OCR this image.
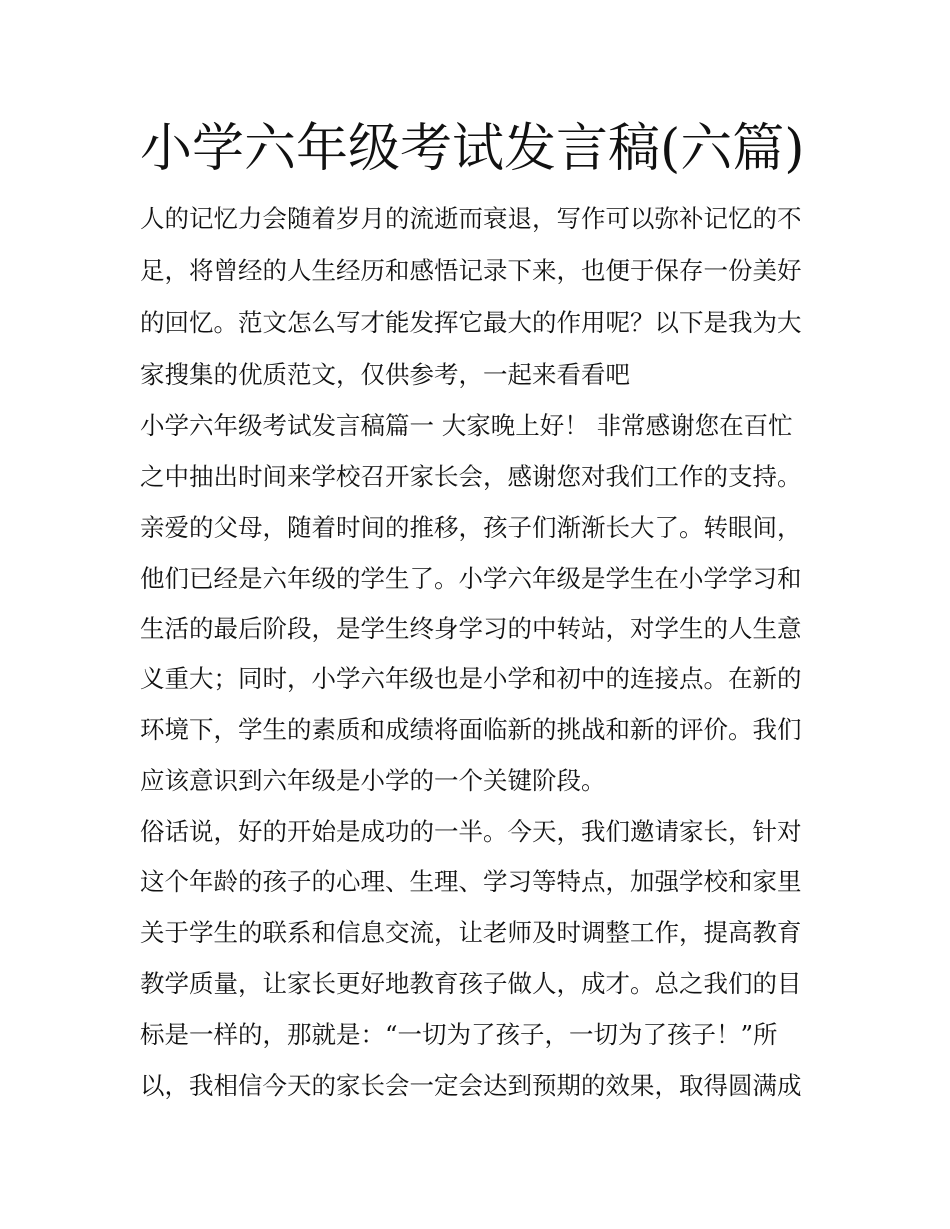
小学六年级考试发言稿(六篇)

人的记忆力会随着岁月的流逝而衰退，写作可以弥补记忆的不

足，将曾经的人生经历和感悟记录下来，也便于保存一份美好

的回忆。范文怎么写才能发挥它最大的作用呢？以下是我为大

家搜集的优质范文，仅供参考，一起来看看吧

小学六年级考试发言稿篇一 大家晚上好！ 非常感谢您在百忙

之中抽出时间来学校召开家长会，感谢您对我们工作的支持。

亲爱的父母，随着时间的推移，孩子们渐渐长大了。转眼间，

他们已经是六年级的学生了。小学六年级是学生在小学学习和

生活的最后阶段，是学生终身学习的中转站，对学生的人生意

义重大；同时，小学六年级也是小学和初中的连接点。在新的

环境下，学生的素质和成绩将面临新的挑战和新的评价。我们

应该意识到六年级是小学的一个关键阶段。

俗话说，好的开始是成功的一半。今天，我们邀请家长，针对

这个年龄的孩子的心理、生理、学习等特点，加强学校和家里

关于学生的联系和信息交流，让老师及时调整工作，提高教育

教学质量，让家长更好地教育孩子做人，成才。总之我们的目

标是一样的，那就是：“一切为了孩子，一切为了孩子！”所

以，我相信今天的家长会一定会达到预期的效果，取得圆满成
